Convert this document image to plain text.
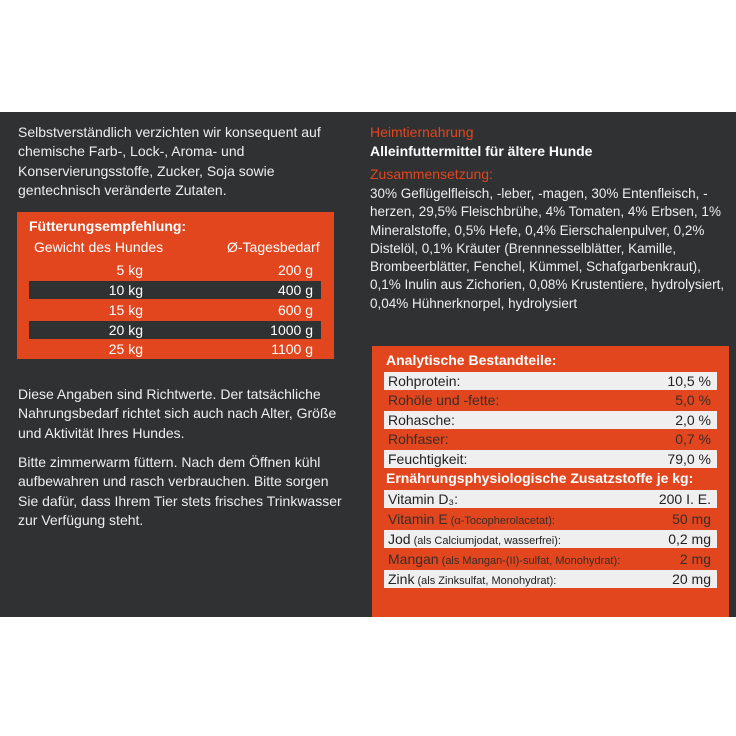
Selbstverständlich verzichten wir konsequent auf chemische Farb-, Lock-, Aroma- und Konservierungsstoffe, Zucker, Soja sowie gentechnisch veränderte Zutaten.
Fütterungsempfehlung:
Gewicht des Hundes	Ø-Tagesbedarf
5 kg	200 g
10 kg	400 g
15 kg	600 g
20 kg	1000 g
25 kg	1100 g
Diese Angaben sind Richtwerte. Der tatsächliche Nahrungsbedarf richtet sich auch nach Alter, Größe und Aktivität Ihres Hundes.
Bitte zimmerwarm füttern. Nach dem Öffnen kühl aufbewahren und rasch verbrauchen. Bitte sorgen Sie dafür, dass Ihrem Tier stets frisches Trinkwasser zur Verfügung steht.
Heimtiernahrung
Alleinfuttermittel für ältere Hunde
Zusammensetzung:
30% Geflügelfleisch, -leber, -magen, 30% Entenfleisch, -herzen, 29,5% Fleischbrühe, 4% Tomaten, 4% Erbsen, 1% Mineralstoffe, 0,5% Hefe, 0,4% Eierschalenpulver, 0,2% Distelöl, 0,1% Kräuter (Brennnesselblätter, Kamille, Brombeerblätter, Fenchel, Kümmel, Schafgarbenkraut), 0,1% Inulin aus Zichorien, 0,08% Krustentiere, hydrolysiert, 0,04% Hühnerknorpel, hydrolysiert
Analytische Bestandteile:
Rohprotein:	10,5 %
Rohöle und -fette:	5,0 %
Rohasche:	2,0 %
Rohfaser:	0,7 %
Feuchtigkeit:	79,0 %
Ernährungsphysiologische Zusatzstoffe je kg:
Vitamin D₃:	200 I. E.
Vitamin E (α-Tocopherolacetat):	50 mg
Jod (als Calciumjodat, wasserfrei):	0,2 mg
Mangan (als Mangan-(II)-sulfat, Monohydrat):	2 mg
Zink (als Zinksulfat, Monohydrat):	20 mg
